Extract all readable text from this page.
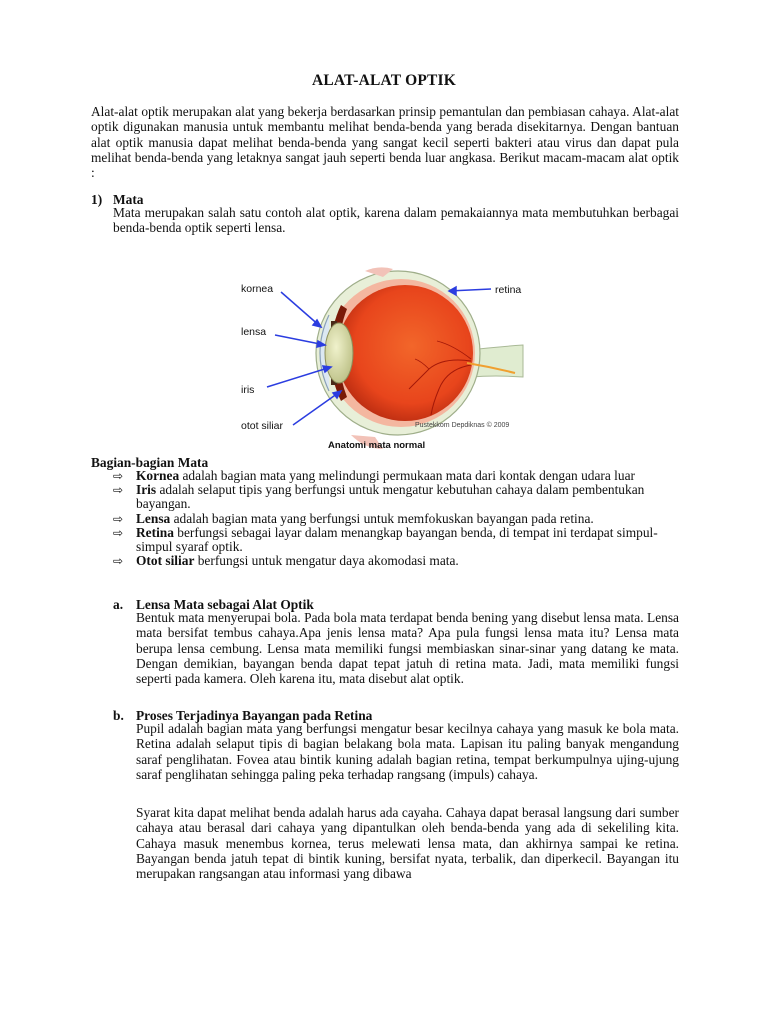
ALAT-ALAT OPTIK

Alat-alat optik merupakan alat yang bekerja berdasarkan prinsip pemantulan dan pembiasan cahaya. Alat-alat optik digunakan manusia untuk membantu melihat benda-benda yang berada disekitarnya. Dengan bantuan alat optik manusia dapat melihat benda-benda yang sangat kecil seperti bakteri atau virus dan dapat pula melihat benda-benda yang letaknya sangat jauh seperti benda luar angkasa. Berikut macam-macam alat optik :

1) Mata

Mata merupakan salah satu contoh alat optik, karena dalam pemakaiannya mata membutuhkan berbagai benda-benda optik seperti lensa.

kornea
lensa
iris
otot siliar
retina
Pustekkom Depdiknas © 2009
Anatomi mata normal
Bagian-bagian Mata
⇨ Kornea adalah bagian mata yang melindungi permukaan mata dari kontak dengan udara luar
⇨ Iris adalah selaput tipis yang berfungsi untuk mengatur kebutuhan cahaya dalam pembentukan bayangan.
⇨ Lensa adalah bagian mata yang berfungsi untuk memfokuskan bayangan pada retina.
⇨ Retina berfungsi sebagai layar dalam menangkap bayangan benda, di tempat ini terdapat simpul-simpul syaraf optik.
⇨ Otot siliar berfungsi untuk mengatur daya akomodasi mata.
a. Lensa Mata sebagai Alat Optik

Bentuk mata menyerupai bola. Pada bola mata terdapat benda bening yang disebut lensa mata. Lensa mata bersifat tembus cahaya.Apa jenis lensa mata? Apa pula fungsi lensa mata itu? Lensa mata berupa lensa cembung. Lensa mata memiliki fungsi membiaskan sinar-sinar yang datang ke mata. Dengan demikian, bayangan benda dapat tepat jatuh di retina mata. Jadi, mata memiliki fungsi seperti pada kamera. Oleh karena itu, mata disebut alat optik.

b. Proses Terjadinya Bayangan pada Retina

Pupil adalah bagian mata yang berfungsi mengatur besar kecilnya cahaya yang masuk ke bola mata. Retina adalah selaput tipis di bagian belakang bola mata. Lapisan itu paling banyak mengandung saraf penglihatan. Fovea atau bintik kuning adalah bagian retina, tempat berkumpulnya ujing-ujung saraf penglihatan sehingga paling peka terhadap rangsang (impuls) cahaya.

Syarat kita dapat melihat benda adalah harus ada cayaha. Cahaya dapat berasal langsung dari sumber cahaya atau berasal dari cahaya yang dipantulkan oleh benda-benda yang ada di sekeliling kita. Cahaya masuk menembus kornea, terus melewati lensa mata, dan akhirnya sampai ke retina. Bayangan benda jatuh tepat di bintik kuning, bersifat nyata, terbalik, dan diperkecil. Bayangan itu merupakan rangsangan atau informasi yang dibawa
